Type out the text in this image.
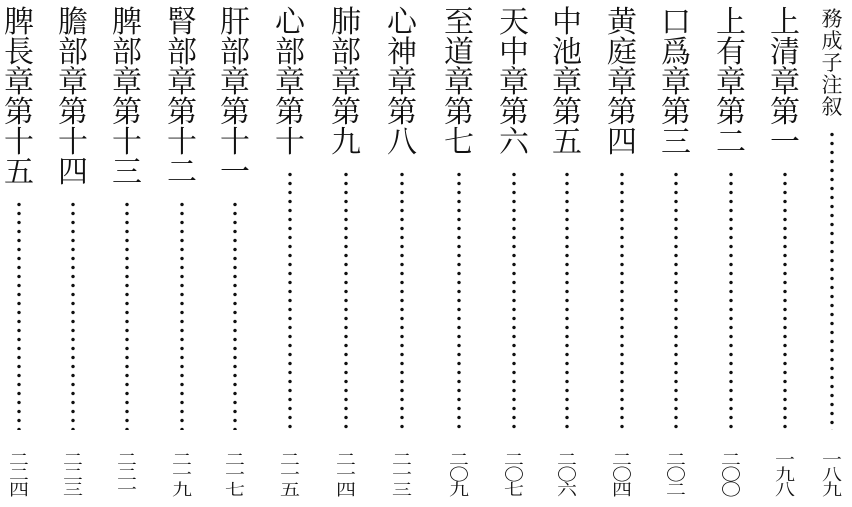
務
成
子
注
叙
一
八
九
上
清
章
第
一
一
九
八
上
有
章
第
二
二
〇
〇
口
爲
章
第
三
二
〇
二
黄
庭
章
第
四
二
〇
四
中
池
章
第
五
二
〇
六
天
中
章
第
六
二
〇
七
至
道
章
第
七
二
〇
九
心
神
章
第
八
二
一
三
肺
部
章
第
九
二
一
四
心
部
章
第
十
二
一
五
肝
部
章
第
十
一
二
一
七
腎
部
章
第
十
二
二
一
九
脾
部
章
第
十
三
二
二
一
膽
部
章
第
十
四
二
二
三
脾
長
章
第
十
五
二
二
四
